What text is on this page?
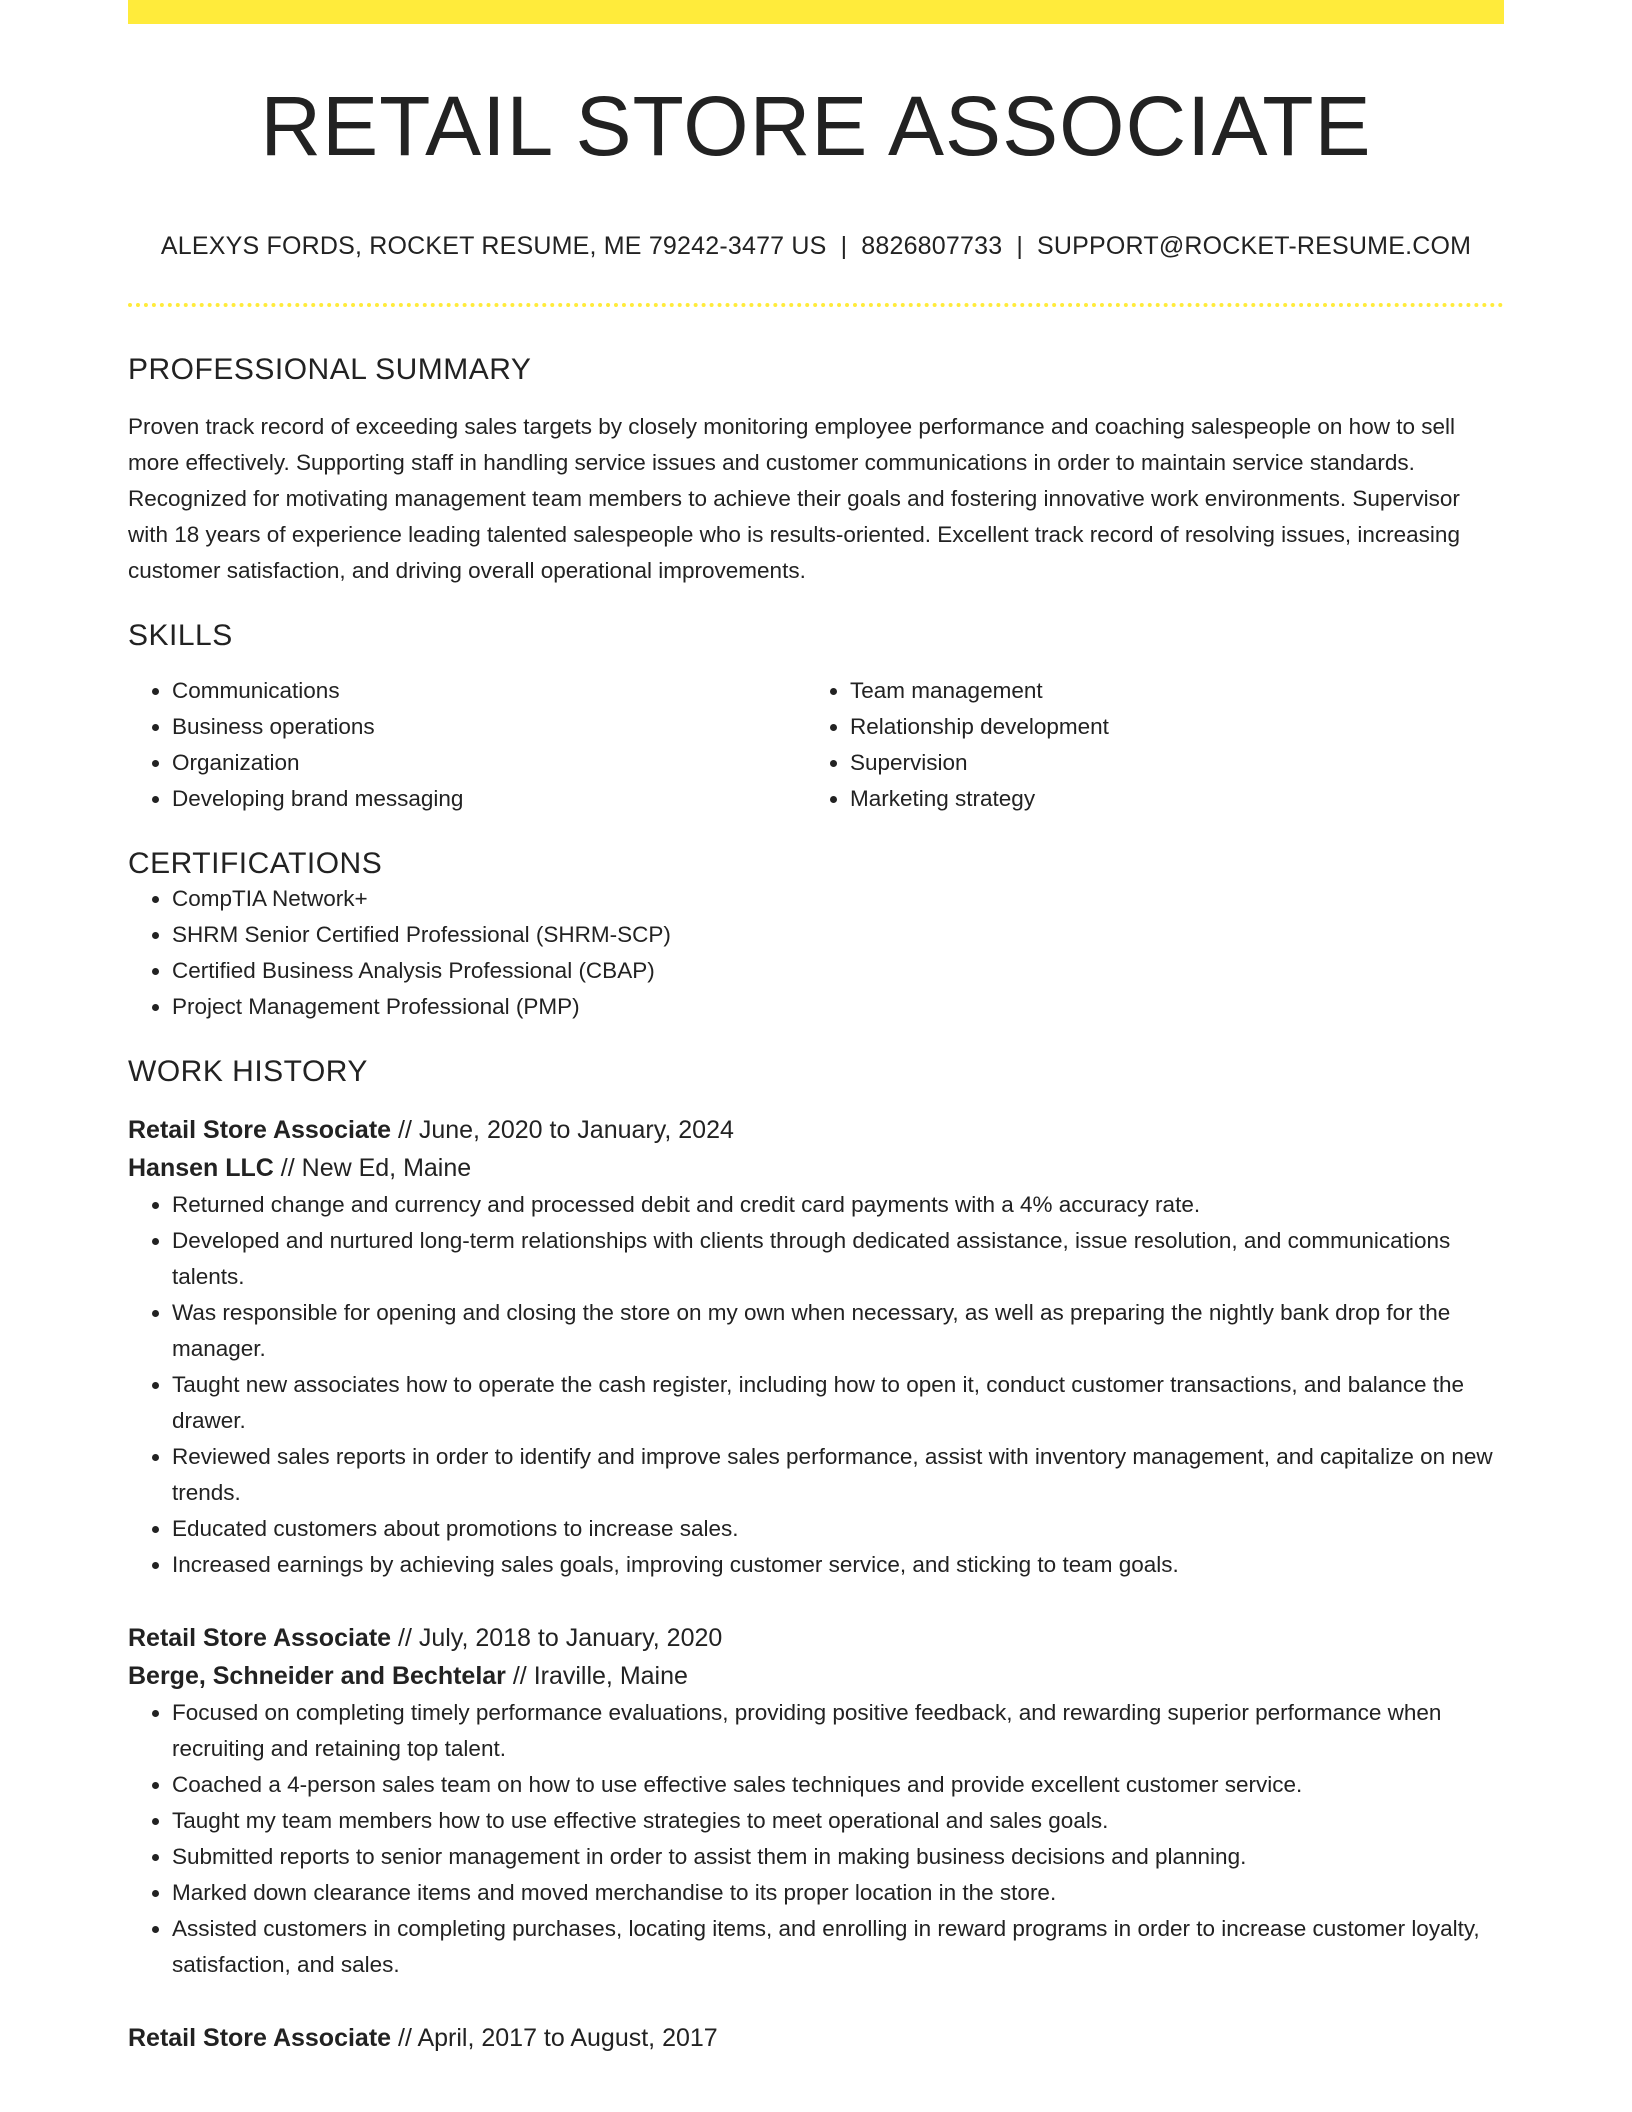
RETAIL STORE ASSOCIATE
ALEXYS FORDS, ROCKET RESUME, ME 79242-3477 US | 8826807733 | SUPPORT@ROCKET-RESUME.COM
PROFESSIONAL SUMMARY

Proven track record of exceeding sales targets by closely monitoring employee performance and coaching salespeople on how to sell more effectively. Supporting staff in handling service issues and customer communications in order to maintain service standards. Recognized for motivating management team members to achieve their goals and fostering innovative work environments. Supervisor with 18 years of experience leading talented salespeople who is results-oriented. Excellent track record of resolving issues, increasing customer satisfaction, and driving overall operational improvements.

SKILLS
• Communications
• Business operations
• Organization
• Developing brand messaging
• Team management
• Relationship development
• Supervision
• Marketing strategy
CERTIFICATIONS
• CompTIA Network+
• SHRM Senior Certified Professional (SHRM-SCP)
• Certified Business Analysis Professional (CBAP)
• Project Management Professional (PMP)
WORK HISTORY
Retail Store Associate // June, 2020 to January, 2024
Hansen LLC // New Ed, Maine
• Returned change and currency and processed debit and credit card payments with a 4% accuracy rate.
• Developed and nurtured long-term relationships with clients through dedicated assistance, issue resolution, and communications talents.
• Was responsible for opening and closing the store on my own when necessary, as well as preparing the nightly bank drop for the manager.
• Taught new associates how to operate the cash register, including how to open it, conduct customer transactions, and balance the drawer.
• Reviewed sales reports in order to identify and improve sales performance, assist with inventory management, and capitalize on new trends.
• Educated customers about promotions to increase sales.
• Increased earnings by achieving sales goals, improving customer service, and sticking to team goals.
Retail Store Associate // July, 2018 to January, 2020
Berge, Schneider and Bechtelar // Iraville, Maine
• Focused on completing timely performance evaluations, providing positive feedback, and rewarding superior performance when recruiting and retaining top talent.
• Coached a 4-person sales team on how to use effective sales techniques and provide excellent customer service.
• Taught my team members how to use effective strategies to meet operational and sales goals.
• Submitted reports to senior management in order to assist them in making business decisions and planning.
• Marked down clearance items and moved merchandise to its proper location in the store.
• Assisted customers in completing purchases, locating items, and enrolling in reward programs in order to increase customer loyalty, satisfaction, and sales.
Retail Store Associate // April, 2017 to August, 2017
